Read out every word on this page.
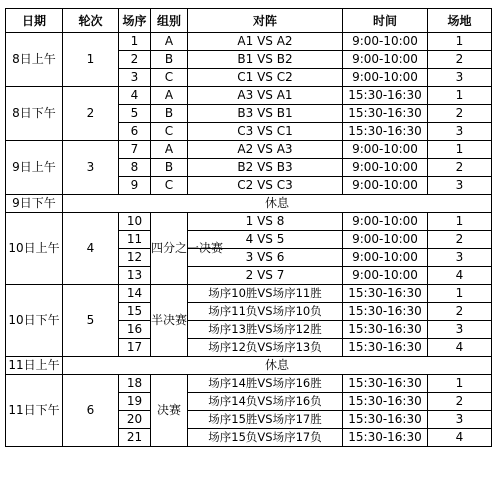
日期	轮次	场序	组别	对阵	时间	场地
8日上午	1	1	A	A1 VS A2	9:00-10:00	1
		2	B	B1 VS B2	9:00-10:00	2
		3	C	C1 VS C2	9:00-10:00	3
8日下午	2	4	A	A3 VS A1	15:30-16:30	1
		5	B	B3 VS B1	15:30-16:30	2
		6	C	C3 VS C1	15:30-16:30	3
9日上午	3	7	A	A2 VS A3	9:00-10:00	1
		8	B	B2 VS B3	9:00-10:00	2
		9	C	C2 VS C3	9:00-10:00	3
9日下午	休息					
10日上午	4	10	四分之一决赛	1 VS 8	9:00-10:00	1
		11		4 VS 5	9:00-10:00	2
		12		3 VS 6	9:00-10:00	3
		13		2 VS 7	9:00-10:00	4
10日下午	5	14	半决赛	场序10胜VS场序11胜	15:30-16:30	1
		15		场序11负VS场序10负	15:30-16:30	2
		16		场序13胜VS场序12胜	15:30-16:30	3
		17		场序12负VS场序13负	15:30-16:30	4
11日上午	休息					
11日下午	6	18	决赛	场序14胜VS场序16胜	15:30-16:30	1
		19		场序14负VS场序16负	15:30-16:30	2
		20		场序15胜VS场序17胜	15:30-16:30	3
		21		场序15负VS场序17负	15:30-16:30	4
